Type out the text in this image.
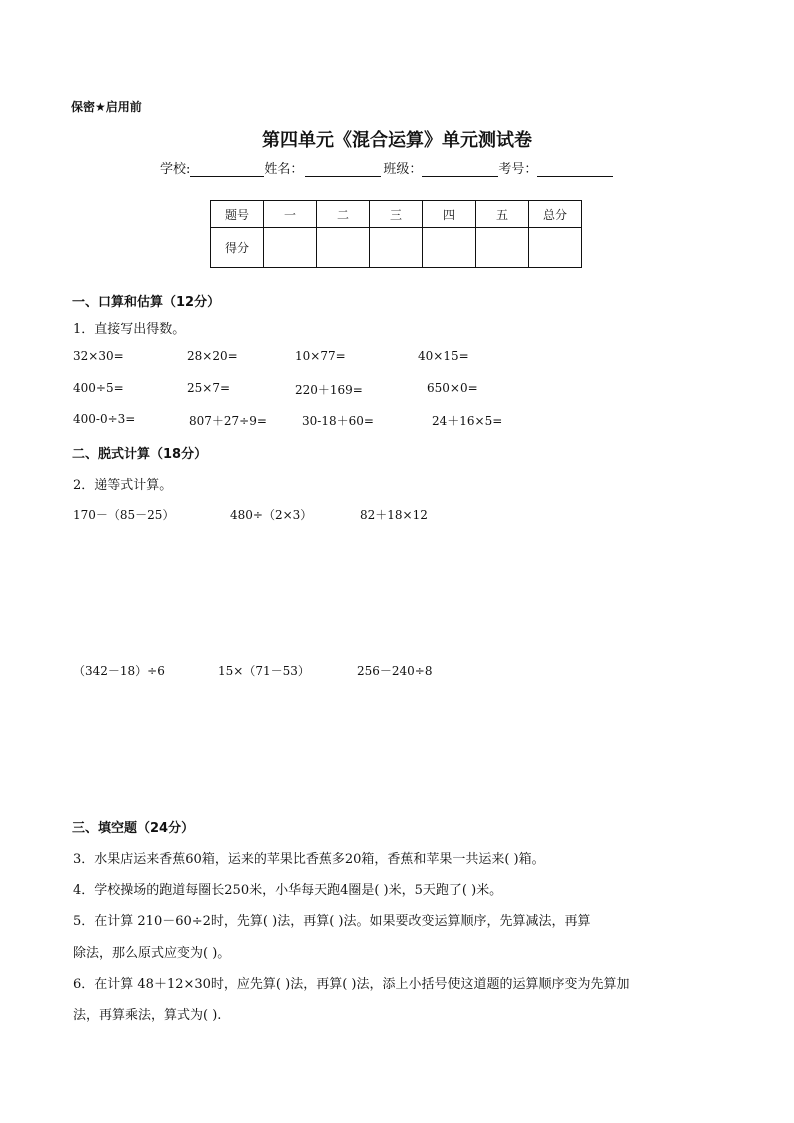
保密★启用前
第四单元《混合运算》单元测试卷
学校:	姓名：	班级：	考号：
题号	一	二	三	四	五	总分
得分						
一、口算和估算（12分）
1．直接写出得数。
32×30=	28×20=	10×77=	40×15=
400÷5=	25×7=	220＋169=	650×0=
400-0÷3=	807＋27÷9=	30-18＋60=	24＋16×5=
二、脱式计算（18分）
2．递等式计算。
170－（85－25）	480÷（2×3）	82＋18×12
（342－18）÷6	15×（71－53）	256－240÷8
三、填空题（24分）
3．水果店运来香蕉60箱，运来的苹果比香蕉多20箱，香蕉和苹果一共运来( )箱。
4．学校操场的跑道每圈长250米，小华每天跑4圈是( )米，5天跑了( )米。
5．在计算 210－60÷2时，先算( )法，再算( )法。如果要改变运算顺序，先算减法，再算
除法，那么原式应变为( )。
6．在计算 48＋12×30时，应先算( )法，再算( )法，添上小括号使这道题的运算顺序变为先算加
法，再算乘法，算式为( ).
